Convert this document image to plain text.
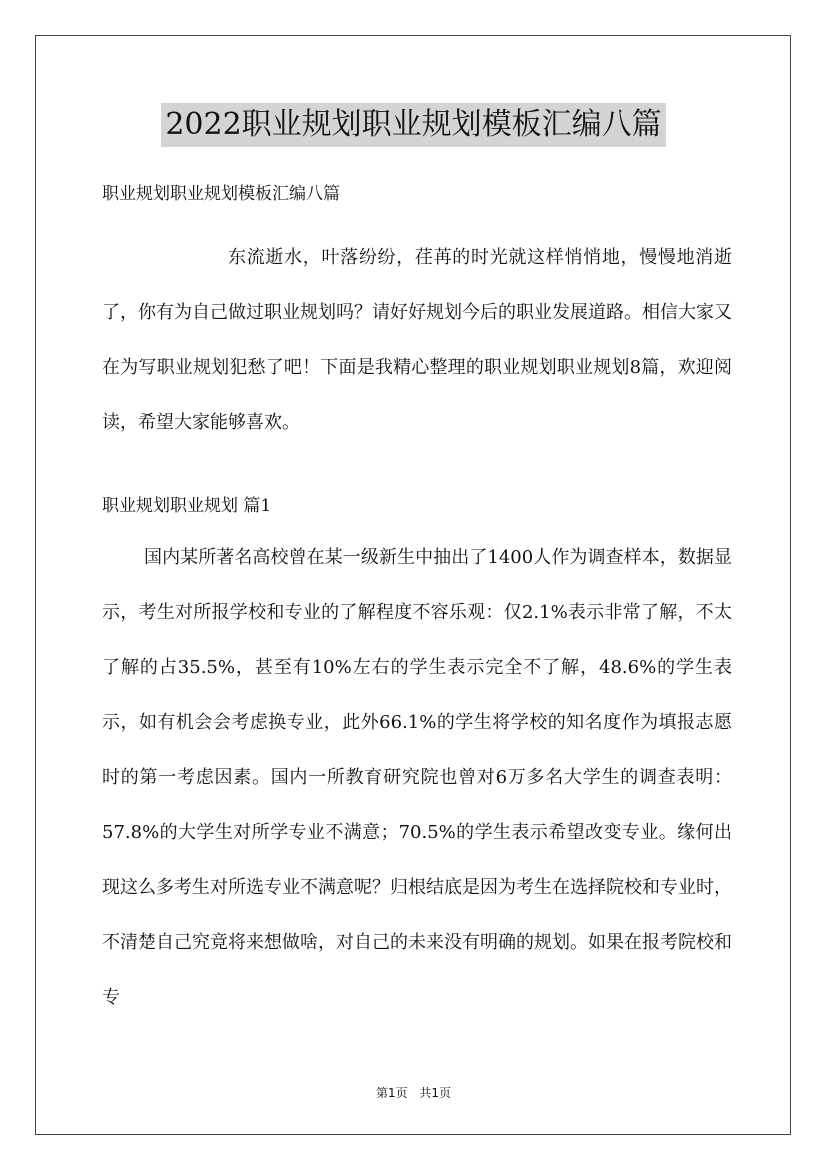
2022职业规划职业规划模板汇编八篇

职业规划职业规划模板汇编八篇

东流逝水，叶落纷纷，荏苒的时光就这样悄悄地，慢慢地消逝了，你有为自己做过职业规划吗？请好好规划今后的职业发展道路。相信大家又在为写职业规划犯愁了吧！下面是我精心整理的职业规划职业规划8篇，欢迎阅读，希望大家能够喜欢。

职业规划职业规划 篇1

国内某所著名高校曾在某一级新生中抽出了1400人作为调查样本，数据显示，考生对所报学校和专业的了解程度不容乐观：仅2.1%表示非常了解，不太了解的占35.5%，甚至有10%左右的学生表示完全不了解，48.6%的学生表示，如有机会会考虑换专业，此外66.1%的学生将学校的知名度作为填报志愿时的第一考虑因素。国内一所教育研究院也曾对6万多名大学生的调查表明：57.8%的大学生对所学专业不满意；70.5%的学生表示希望改变专业。缘何出现这么多考生对所选专业不满意呢？归根结底是因为考生在选择院校和专业时，不清楚自己究竟将来想做啥，对自己的未来没有明确的规划。如果在报考院校和专

第1页 共1页
